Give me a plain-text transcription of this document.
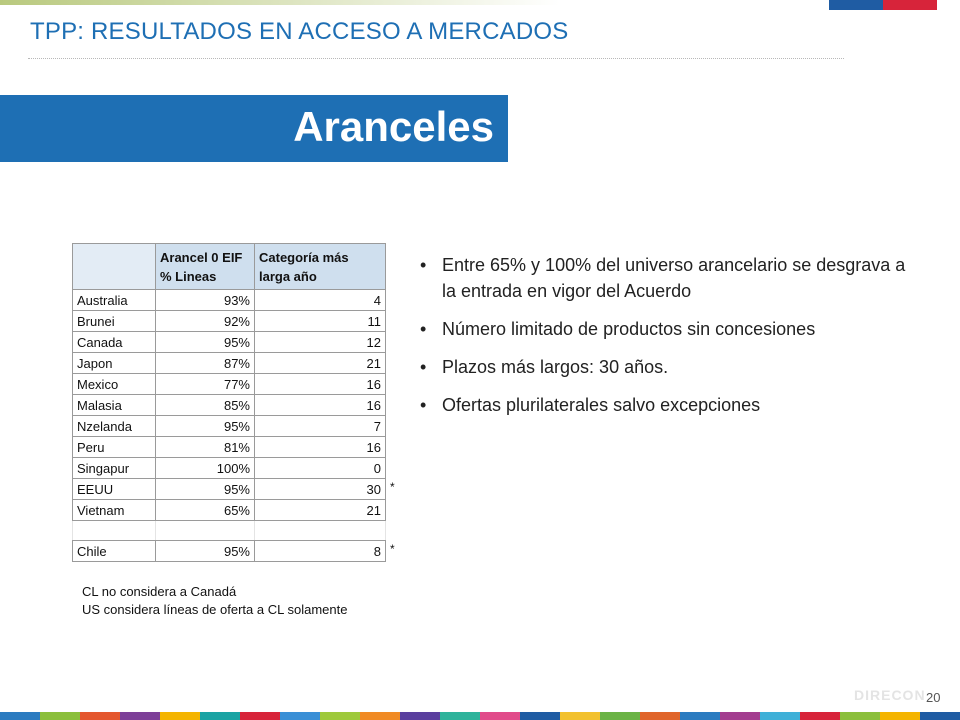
TPP: RESULTADOS EN ACCESO A MERCADOS
Aranceles
	Arancel 0 EIF % Lineas	Categoría más larga año
Australia	93%	4
Brunei	92%	11
Canada	95%	12
Japon	87%	21
Mexico	77%	16
Malasia	85%	16
Nzelanda	95%	7
Peru	81%	16
Singapur	100%	0
EEUU	95%	30
Vietnam	65%	21

Chile	95%	8
*
*
CL no considera a Canadá
US considera líneas de oferta a CL solamente
• Entre 65% y 100% del universo arancelario se desgrava a la entrada en vigor del Acuerdo
• Número limitado de productos sin concesiones
• Plazos más largos: 30 años.
• Ofertas plurilaterales salvo excepciones
DIRECON 20
